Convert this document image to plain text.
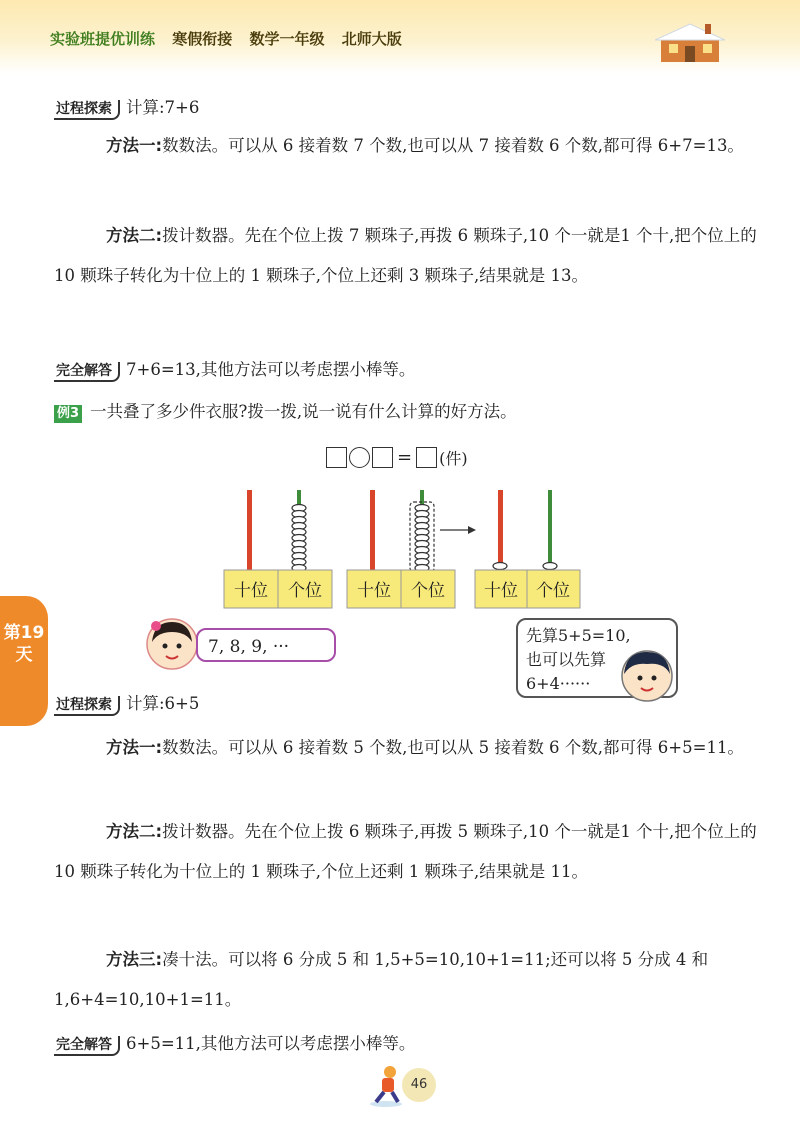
实验班提优训练 寒假衔接 数学一年级 北师大版
过程探索 计算:7+6
方法一:数数法。可以从 6 接着数 7 个数,也可以从 7 接着数 6 个数,都可得 6+7=13。
方法二:拨计数器。先在个位上拨 7 颗珠子,再拨 6 颗珠子,10 个一就是1 个十,把个位上的 10 颗珠子转化为十位上的 1 颗珠子,个位上还剩 3 颗珠子,结果就是 13。
完全解答 7+6=13,其他方法可以考虑摆小棒等。
例3 一共叠了多少件衣服?拨一拨,说一说有什么计算的好方法。
= (件)
十位 个位 十位 个位 十位 个位
7, 8, 9, ···
先算5+5=10,
也可以先算
6+4······
第19天
过程探索 计算:6+5
方法一:数数法。可以从 6 接着数 5 个数,也可以从 5 接着数 6 个数,都可得 6+5=11。
方法二:拨计数器。先在个位上拨 6 颗珠子,再拨 5 颗珠子,10 个一就是1 个十,把个位上的 10 颗珠子转化为十位上的 1 颗珠子,个位上还剩 1 颗珠子,结果就是 11。
方法三:凑十法。可以将 6 分成 5 和 1,5+5=10,10+1=11;还可以将 5 分成 4 和 1,6+4=10,10+1=11。
完全解答 6+5=11,其他方法可以考虑摆小棒等。
46
